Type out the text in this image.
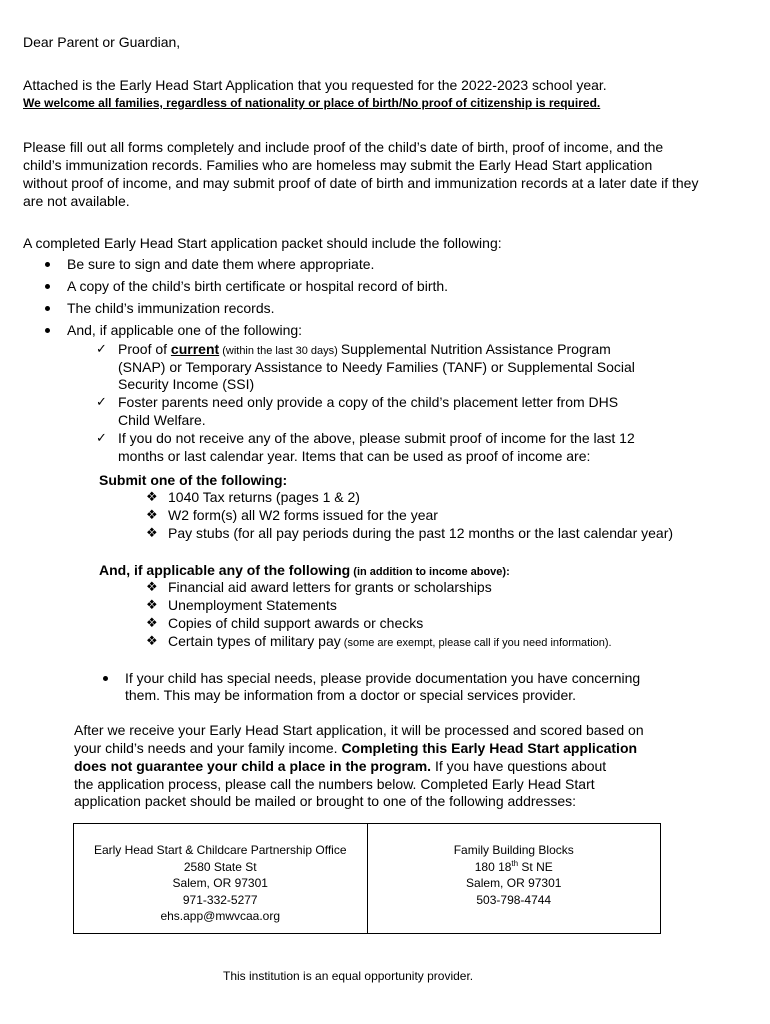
Dear Parent or Guardian,
Attached is the Early Head Start Application that you requested for the 2022-2023 school year.
We welcome all families, regardless of nationality or place of birth/No proof of citizenship is required.
Please fill out all forms completely and include proof of the child’s date of birth, proof of income, and the
child’s immunization records. Families who are homeless may submit the Early Head Start application
without proof of income, and may submit proof of date of birth and immunization records at a later date if they
are not available.
A completed Early Head Start application packet should include the following:
Be sure to sign and date them where appropriate.
A copy of the child’s birth certificate or hospital record of birth.
The child’s immunization records.
And, if applicable one of the following:
✓ Proof of current (within the last 30 days) Supplemental Nutrition Assistance Program
(SNAP) or Temporary Assistance to Needy Families (TANF) or Supplemental Social
Security Income (SSI)
✓ Foster parents need only provide a copy of the child’s placement letter from DHS
Child Welfare.
✓ If you do not receive any of the above, please submit proof of income for the last 12
months or last calendar year. Items that can be used as proof of income are:
Submit one of the following:
❖ 1040 Tax returns (pages 1 & 2)
❖ W2 form(s) all W2 forms issued for the year
❖ Pay stubs (for all pay periods during the past 12 months or the last calendar year)
And, if applicable any of the following (in addition to income above):
❖ Financial aid award letters for grants or scholarships
❖ Unemployment Statements
❖ Copies of child support awards or checks
❖ Certain types of military pay (some are exempt, please call if you need information).
If your child has special needs, please provide documentation you have concerning
them. This may be information from a doctor or special services provider.
After we receive your Early Head Start application, it will be processed and scored based on
your child’s needs and your family income. Completing this Early Head Start application
does not guarantee your child a place in the program. If you have questions about
the application process, please call the numbers below. Completed Early Head Start
application packet should be mailed or brought to one of the following addresses:
Early Head Start & Childcare Partnership Office
2580 State St
Salem, OR 97301
971-332-5277
ehs.app@mwvcaa.org
Family Building Blocks
180 18th St NE
Salem, OR 97301
503-798-4744
This institution is an equal opportunity provider.
